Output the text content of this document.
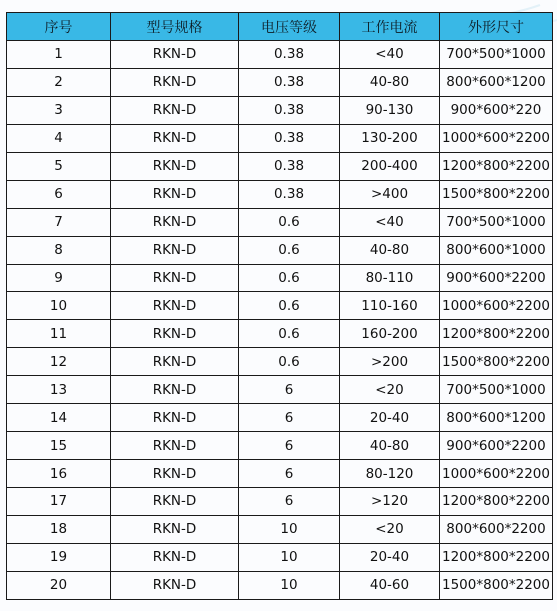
序号	型号规格	电压等级	工作电流	外形尺寸
1	RKN-D	0.38	<40	700*500*1000
2	RKN-D	0.38	40-80	800*600*1200
3	RKN-D	0.38	90-130	900*600*220
4	RKN-D	0.38	130-200	1000*600*2200
5	RKN-D	0.38	200-400	1200*800*2200
6	RKN-D	0.38	>400	1500*800*2200
7	RKN-D	0.6	<40	700*500*1000
8	RKN-D	0.6	40-80	800*600*1000
9	RKN-D	0.6	80-110	900*600*2200
10	RKN-D	0.6	110-160	1000*600*2200
11	RKN-D	0.6	160-200	1200*800*2200
12	RKN-D	0.6	>200	1500*800*2200
13	RKN-D	6	<20	700*500*1000
14	RKN-D	6	20-40	800*600*1200
15	RKN-D	6	40-80	900*600*2200
16	RKN-D	6	80-120	1000*600*2200
17	RKN-D	6	>120	1200*800*2200
18	RKN-D	10	<20	800*600*2200
19	RKN-D	10	20-40	1200*800*2200
20	RKN-D	10	40-60	1500*800*2200
